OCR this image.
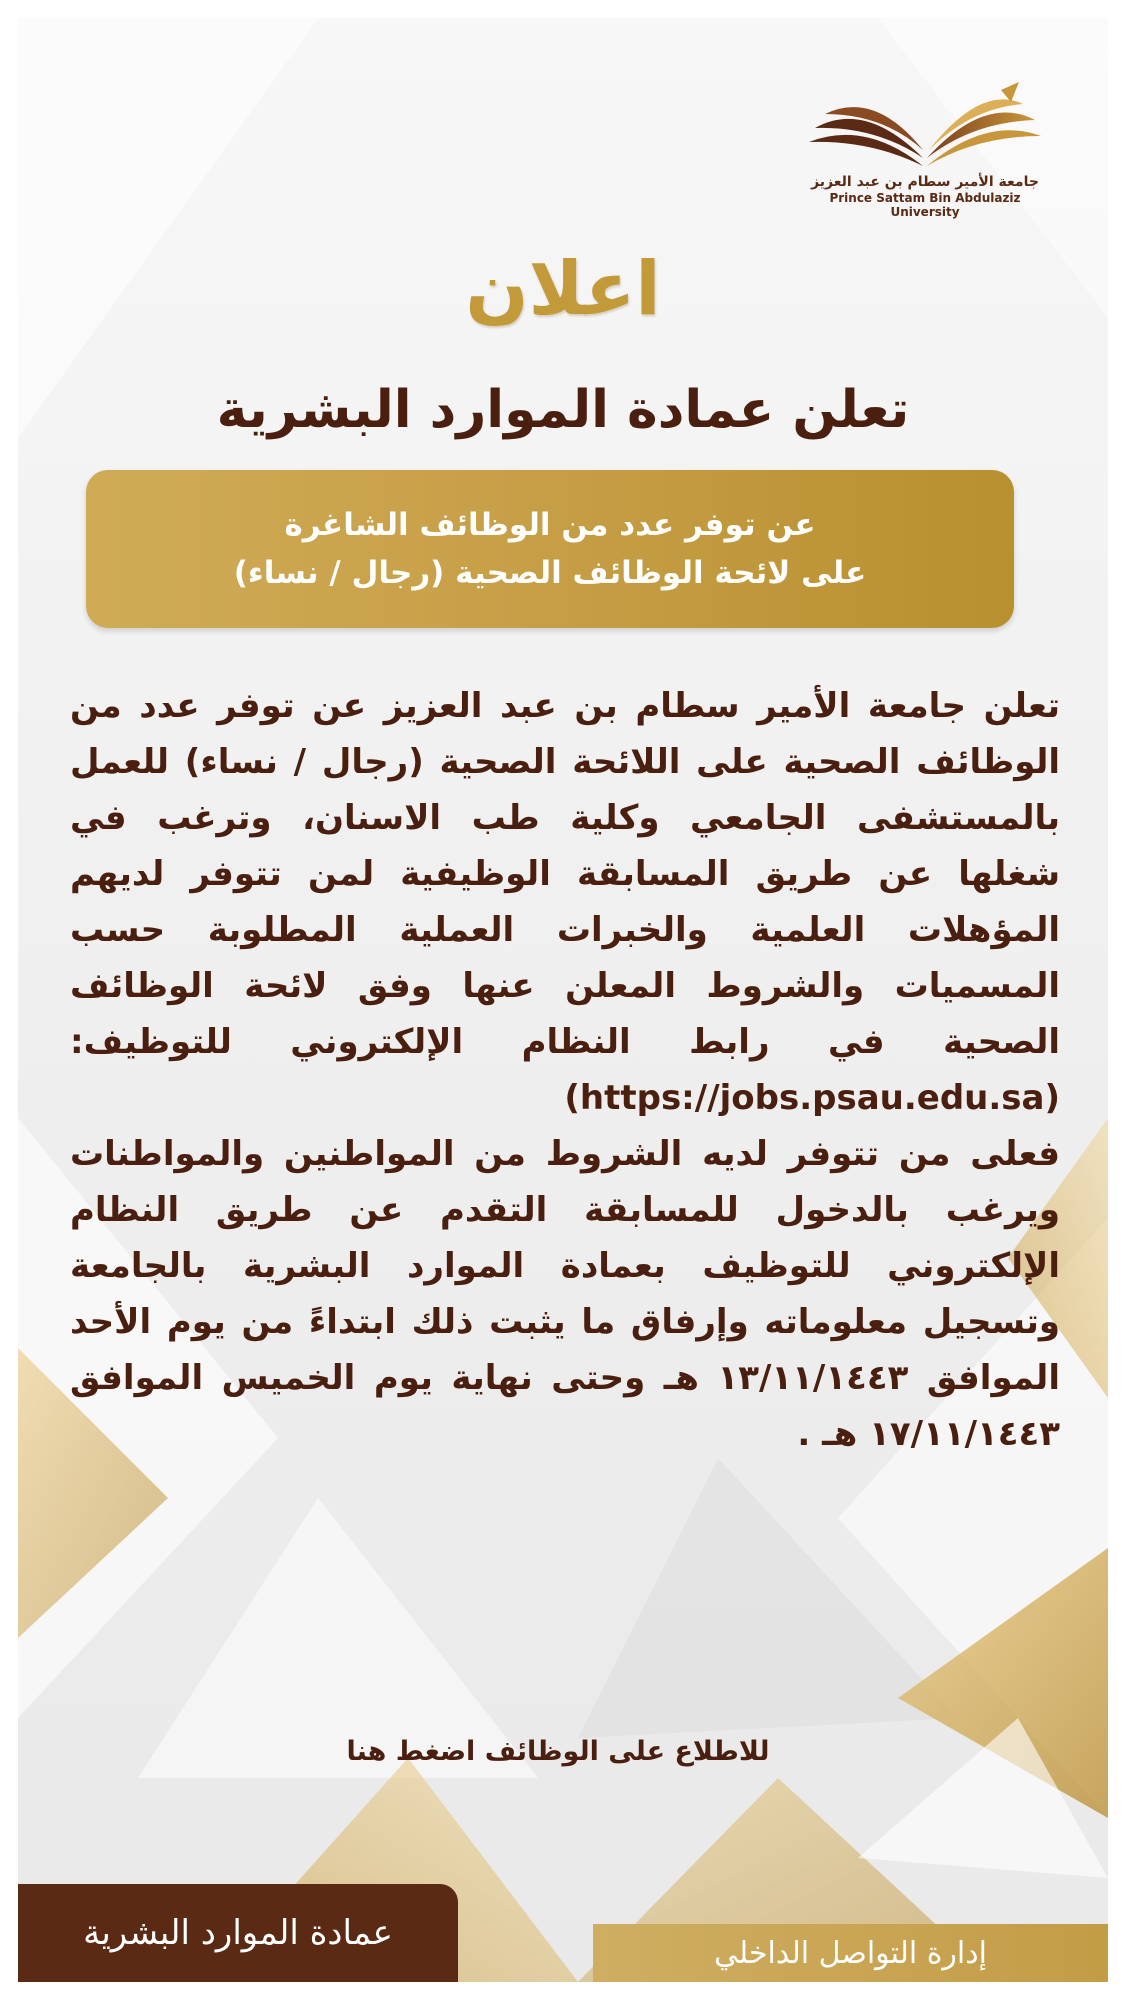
جامعة الأمير سطام بن عبد العزيز
Prince Sattam Bin Abdulaziz University
اعلان
تعلن عمادة الموارد البشرية
عن توفر عدد من الوظائف الشاغرة
على لائحة الوظائف الصحية (رجال / نساء)

تعلن جامعة الأمير سطام بن عبد العزيز عن توفر عدد من الوظائف الصحية على اللائحة الصحية (رجال / نساء) للعمل بالمستشفى الجامعي وكلية طب الاسنان، وترغب في شغلها عن طريق المسابقة الوظيفية لمن تتوفر لديهم المؤهلات العلمية والخبرات العملية المطلوبة حسب المسميات والشروط المعلن عنها وفق لائحة الوظائف الصحية في رابط النظام الإلكتروني للتوظيف: (https://jobs.psau.edu.sa)

فعلى من تتوفر لديه الشروط من المواطنين والمواطنات ويرغب بالدخول للمسابقة التقدم عن طريق النظام الإلكتروني للتوظيف بعمادة الموارد البشرية بالجامعة وتسجيل معلوماته وإرفاق ما يثبت ذلك ابتداءً من يوم الأحد الموافق ١٣/١١/١٤٤٣ هـ وحتى نهاية يوم الخميس الموافق ١٧/١١/١٤٤٣ هـ .

للاطلاع على الوظائف اضغط هنا
عمادة الموارد البشرية	إدارة التواصل الداخلي
